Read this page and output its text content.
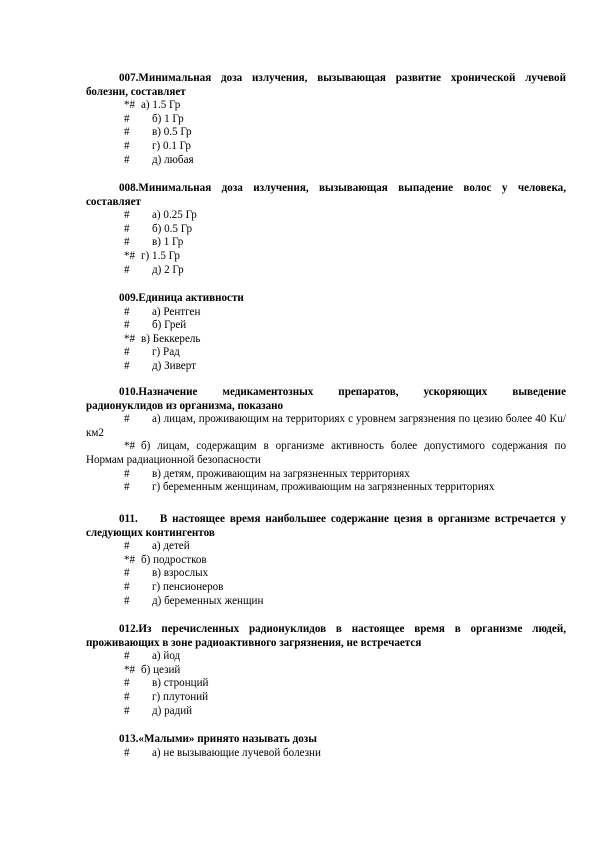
007.Минимальная доза излучения, вызывающая развитие хронической лучевой болезни, составляет

*# а) 1.5 Гр
# б) 1 Гр
# в) 0.5 Гр
# г) 0.1 Гр
# д) любая

008.Минимальная доза излучения, вызывающая выпадение волос у человека, составляет

# а) 0.25 Гр
# б) 0.5 Гр
# в) 1 Гр
*# г) 1.5 Гр
# д) 2 Гр

009.Единица активности

# а) Рентген
# б) Грей
*# в) Беккерель
# г) Рад
# д) Зиверт

010.Назначение медикаментозных препаратов, ускоряющих выведение

радионуклидов из организма, показано

#	а) лицам, проживающим на территориях с уровнем загрязнения по цезию более 40 Ku/км2

*# б) лицам, содержащим в организме активность более допустимого содержания по Нормам радиационной безопасности

# в) детям, проживающим на загрязненных территориях
# г) беременным женщинам, проживающим на загрязненных территориях

011. В настоящее время наибольшее содержание цезия в организме встречается у следующих контингентов

# а) детей
*# б) подростков
# в) взрослых
# г) пенсионеров
# д) беременных женщин

012.Из перечисленных радионуклидов в настоящее время в организме людей, проживающих в зоне радиоактивного загрязнения, не встречается

# а) йод
*# б) цезий
# в) стронций
# г) плутоний
# д) радий

013.«Малыми» принято называть дозы

# а) не вызывающие лучевой болезни
